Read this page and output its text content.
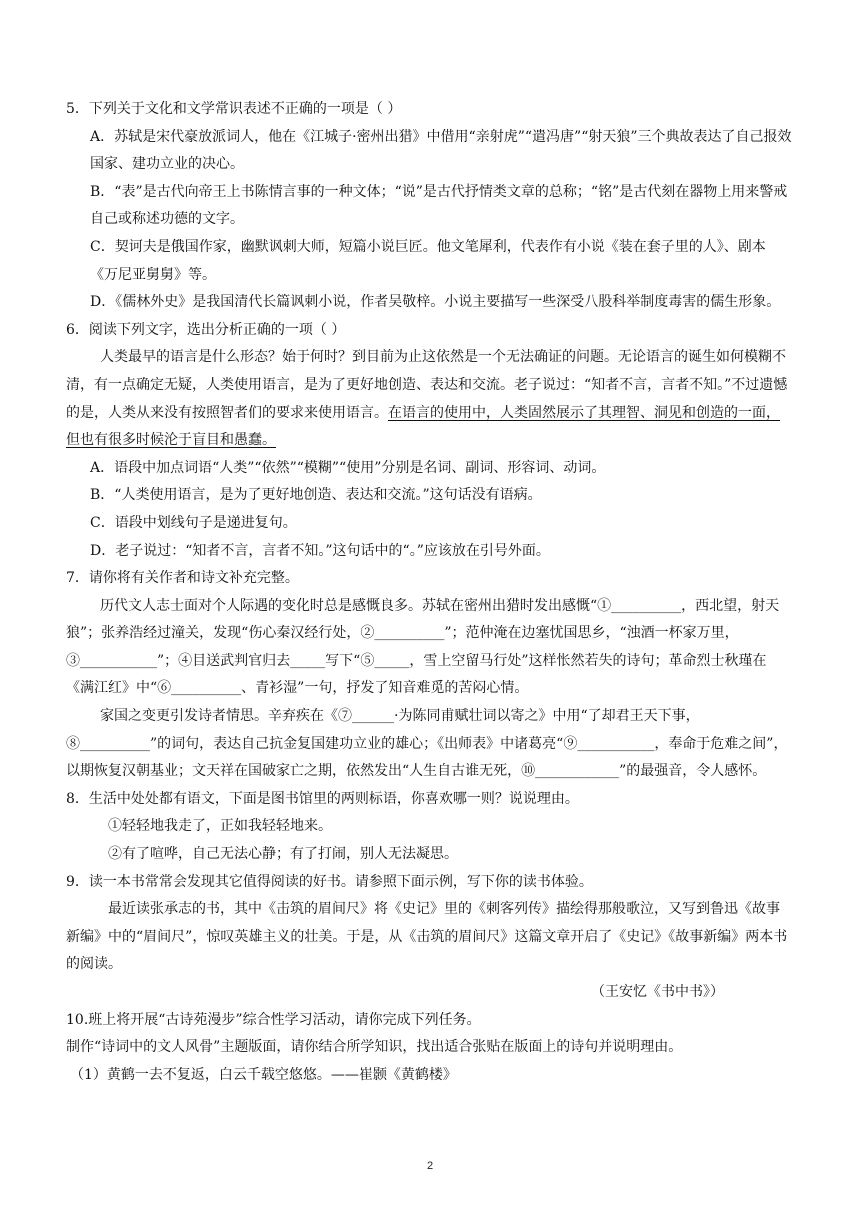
5．下列关于文化和文学常识表述不正确的一项是（ ）

A．苏轼是宋代豪放派词人，他在《江城子·密州出猎》中借用“亲射虎”“遣冯唐”“射天狼”三个典故表达了自己报效国家、建功立业的决心。

B．“表”是古代向帝王上书陈情言事的一种文体；“说”是古代抒情类文章的总称；“铭”是古代刻在器物上用来警戒自己或称述功德的文字。

C．契诃夫是俄国作家，幽默讽刺大师，短篇小说巨匠。他文笔犀利，代表作有小说《装在套子里的人》、剧本《万尼亚舅舅》等。

D．《儒林外史》是我国清代长篇讽刺小说，作者吴敬梓。小说主要描写一些深受八股科举制度毒害的儒生形象。

6．阅读下列文字，选出分析正确的一项（ ）

人类最早的语言是什么形态？始于何时？到目前为止这依然是一个无法确证的问题。无论语言的诞生如何模糊不清，有一点确定无疑，人类使用语言，是为了更好地创造、表达和交流。老子说过：“知者不言，言者不知。”不过遗憾的是，人类从来没有按照智者们的要求来使用语言。在语言的使用中，人类固然展示了其理智、洞见和创造的一面，但也有很多时候沦于盲目和愚蠢。

A．语段中加点词语“人类”“依然”“模糊”“使用”分别是名词、副词、形容词、动词。

B．“人类使用语言，是为了更好地创造、表达和交流。”这句话没有语病。

C．语段中划线句子是递进复句。

D．老子说过：“知者不言，言者不知。”这句话中的“。”应该放在引号外面。

7．请你将有关作者和诗文补充完整。

历代文人志士面对个人际遇的变化时总是感慨良多。苏轼在密州出猎时发出感慨“①__________，西北望，射天狼”；张养浩经过潼关，发现“伤心秦汉经行处，②__________”；范仲淹在边塞忧国思乡，“浊酒一杯家万里，③___________”；④目送武判官归去_____写下“⑤_____，雪上空留马行处”这样怅然若失的诗句；革命烈士秋瑾在《满江红》中“⑥__________、青衫湿”一句，抒发了知音难觅的苦闷心情。

家国之变更引发诗者情思。辛弃疾在《⑦______·为陈同甫赋壮词以寄之》中用“了却君王天下事，⑧__________”的词句，表达自己抗金复国建功立业的雄心；《出师表》中诸葛亮“⑨___________，奉命于危难之间”，以期恢复汉朝基业；文天祥在国破家亡之期，依然发出“人生自古谁无死，⑩____________”的最强音，令人感怀。

8．生活中处处都有语文，下面是图书馆里的两则标语，你喜欢哪一则？说说理由。

①轻轻地我走了，正如我轻轻地来。

②有了喧哗，自己无法心静；有了打闹，别人无法凝思。

9．读一本书常常会发现其它值得阅读的好书。请参照下面示例，写下你的读书体验。

最近读张承志的书，其中《击筑的眉间尺》将《史记》里的《刺客列传》描绘得那般歌泣，又写到鲁迅《故事新编》中的“眉间尺”，惊叹英雄主义的壮美。于是，从《击筑的眉间尺》这篇文章开启了《史记》《故事新编》两本书的阅读。

（王安忆《书中书》）

10.班上将开展“古诗苑漫步”综合性学习活动，请你完成下列任务。

制作“诗词中的文人风骨”主题版面，请你结合所学知识，找出适合张贴在版面上的诗句并说明理由。

（1）黄鹤一去不复返，白云千载空悠悠。——崔颢《黄鹤楼》

2
